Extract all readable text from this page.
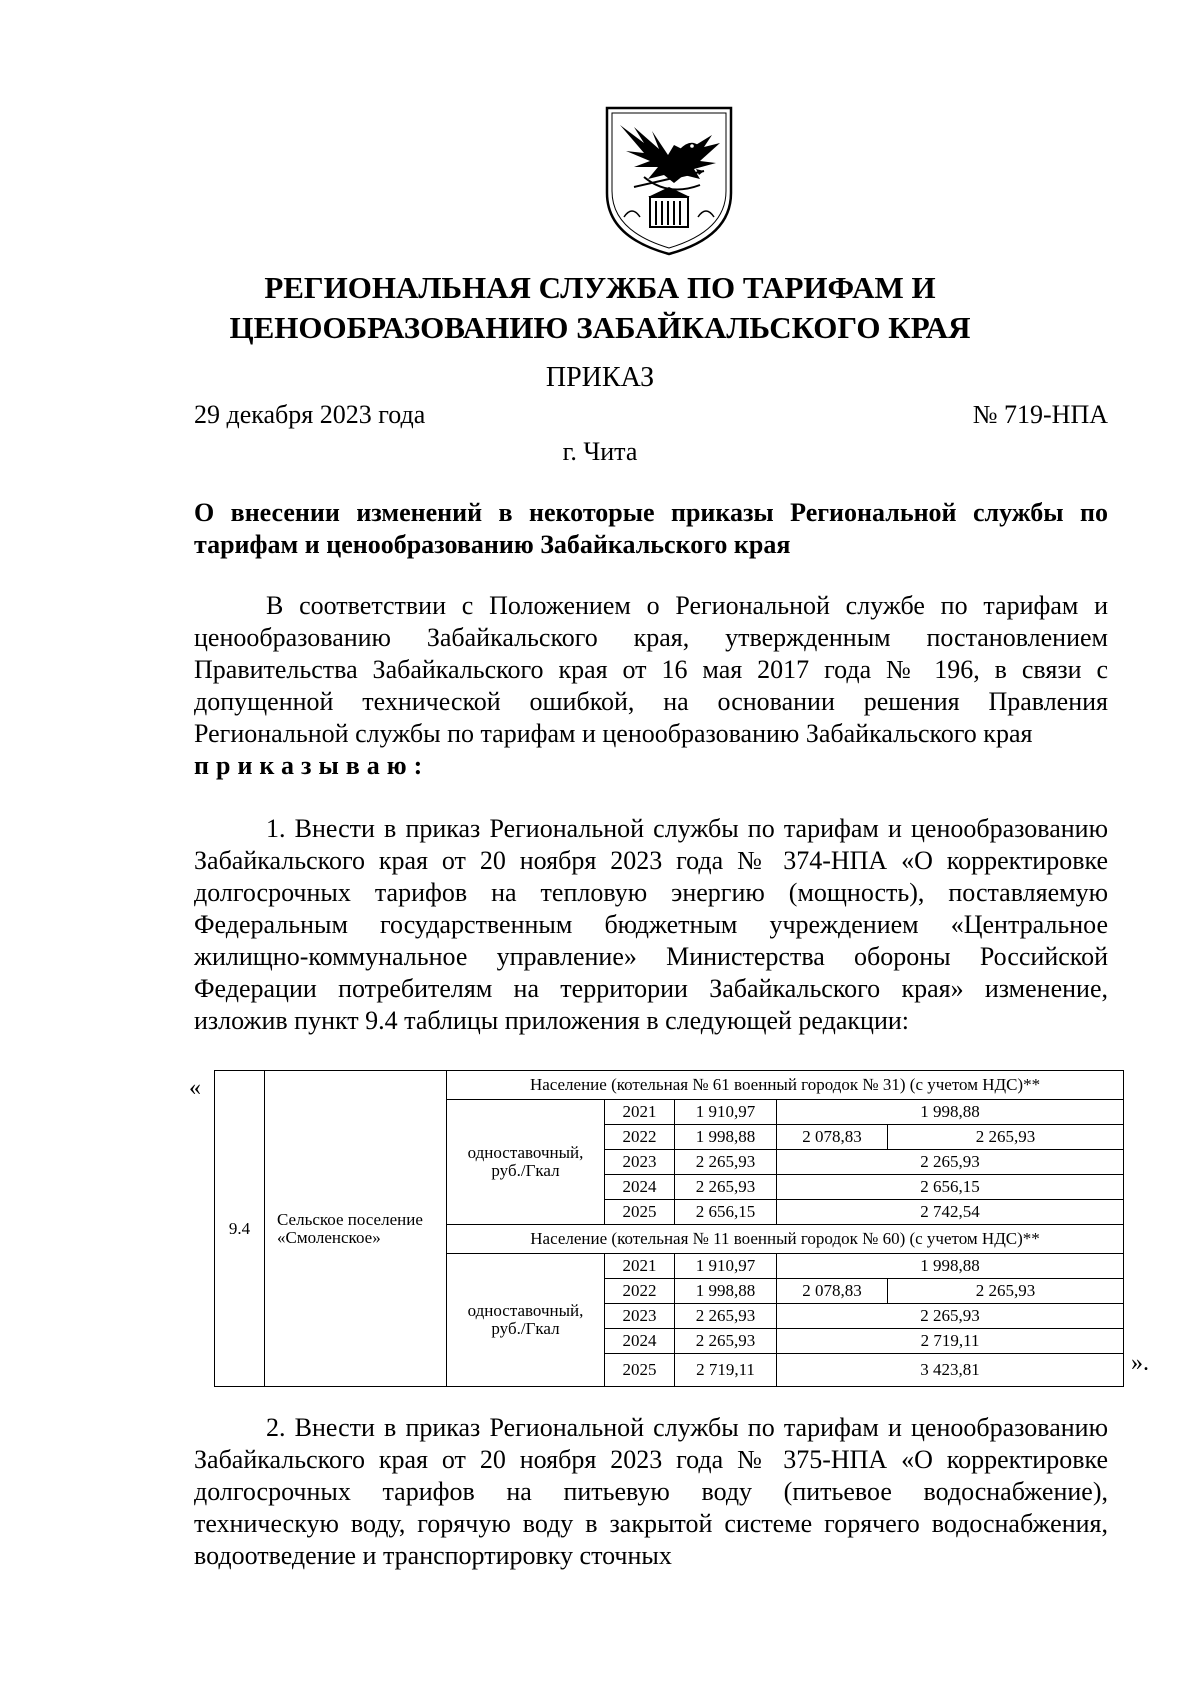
РЕГИОНАЛЬНАЯ СЛУЖБА ПО ТАРИФАМ И
ЦЕНООБРАЗОВАНИЮ ЗАБАЙКАЛЬСКОГО КРАЯ
ПРИКАЗ
29 декабря 2023 года	№ 719-НПА
г. Чита
О внесении изменений в некоторые приказы Региональной службы по тарифам и ценообразованию Забайкальского края

В соответствии с Положением о Региональной службе по тарифам и ценообразованию Забайкальского края, утвержденным постановлением Правительства Забайкальского края от 16 мая 2017 года № 196, в связи с допущенной технической ошибкой, на основании решения Правления Региональной службы по тарифам и ценообразованию Забайкальского края

приказываю:

1. Внести в приказ Региональной службы по тарифам и ценообразованию Забайкальского края от 20 ноября 2023 года № 374-НПА «О корректировке долгосрочных тарифов на тепловую энергию (мощность), поставляемую Федеральным государственным бюджетным учреждением «Центральное жилищно-коммунальное управление» Министерства обороны Российской Федерации потребителям на территории Забайкальского края» изменение, изложив пункт 9.4 таблицы приложения в следующей редакции:

«
9.4	Сельское поселение «Смоленское»	Население (котельная № 61 военный городок № 31) (с учетом НДС)**				
		одноставочный, руб./Гкал	2021	1 910,97	1 998,88	
			2022	1 998,88	2 078,83	2 265,93
			2023	2 265,93	2 265,93	
			2024	2 265,93	2 656,15	
			2025	2 656,15	2 742,54	
		Население (котельная № 11 военный городок № 60) (с учетом НДС)**				
		одноставочный, руб./Гкал	2021	1 910,97	1 998,88	
			2022	1 998,88	2 078,83	2 265,93
			2023	2 265,93	2 265,93	
			2024	2 265,93	2 719,11	
			2025	2 719,11	3 423,81		».

2. Внести в приказ Региональной службы по тарифам и ценообразованию Забайкальского края от 20 ноября 2023 года № 375-НПА «О корректировке долгосрочных тарифов на питьевую воду (питьевое водоснабжение), техническую воду, горячую воду в закрытой системе горячего водоснабжения, водоотведение и транспортировку сточных
